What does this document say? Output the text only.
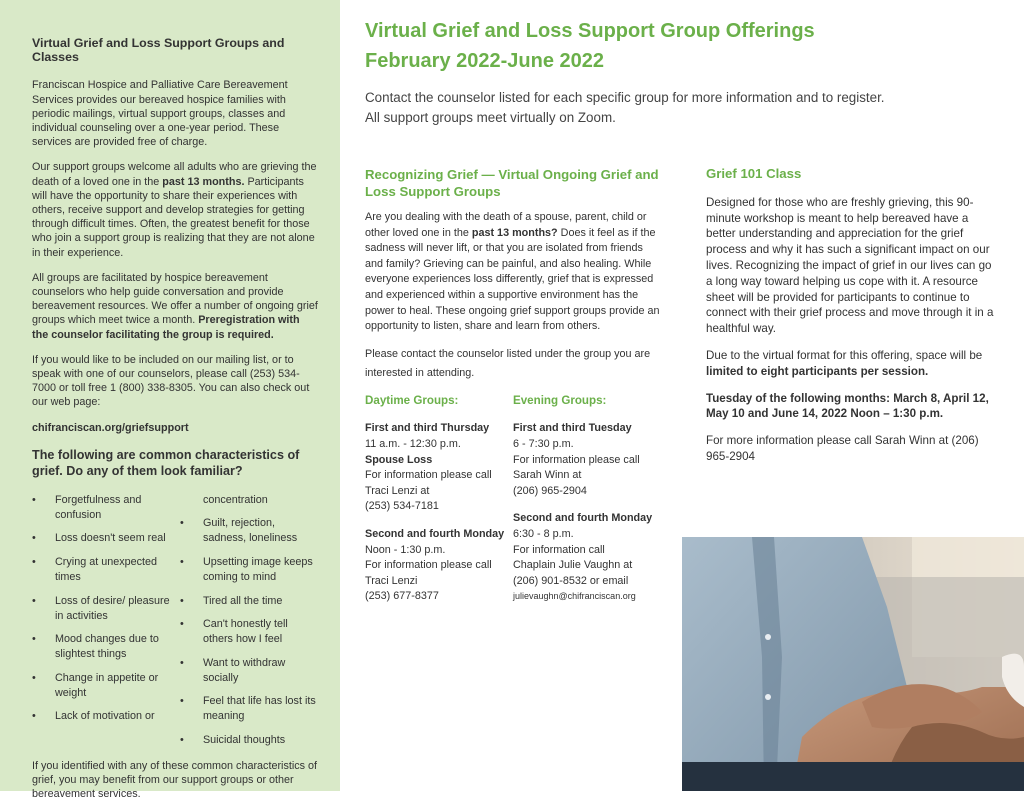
Virtual Grief and Loss Support Groups and Classes

Franciscan Hospice and Palliative Care Bereavement Services provides our bereaved hospice families with periodic mailings, virtual support groups, classes and individual counseling over a one-year period. These services are provided free of charge.

Our support groups welcome all adults who are grieving the death of a loved one in the past 13 months. Participants will have the opportunity to share their experiences with others, receive support and develop strategies for getting through difficult times. Often, the greatest benefit for those who join a support group is realizing that they are not alone in their experience.

All groups are facilitated by hospice bereavement counselors who help guide conversation and provide bereavement resources. We offer a number of ongoing grief groups which meet twice a month. Preregistration with the counselor facilitating the group is required.

If you would like to be included on our mailing list, or to speak with one of our counselors, please call (253) 534-7000 or toll free 1 (800) 338-8305. You can also check out our web page:

chifranciscan.org/griefsupport
The following are common characteristics of grief. Do any of them look familiar?
• Forgetfulness and confusion
• Loss doesn't seem real
• Crying at unexpected times
• Loss of desire/ pleasure in activities
• Mood changes due to slightest things
• Change in appetite or weight
• Lack of motivation or
concentration
• Guilt, rejection, sadness, loneliness
• Upsetting image keeps coming to mind
• Tired all the time
• Can't honestly tell others how I feel
• Want to withdraw socially
• Feel that life has lost its meaning
• Suicidal thoughts

If you identified with any of these common characteristics of grief, you may benefit from our support groups or other bereavement services.

Virtual Grief and Loss Support Group Offerings
February 2022-June 2022

Contact the counselor listed for each specific group for more information and to register.
All support groups meet virtually on Zoom.

Recognizing Grief — Virtual Ongoing Grief and Loss Support Groups

Are you dealing with the death of a spouse, parent, child or other loved one in the past 13 months? Does it feel as if the sadness will never lift, or that you are isolated from friends and family? Grieving can be painful, and also healing. While everyone experiences loss differently, grief that is expressed and experienced within a supportive environment has the power to heal. These ongoing grief support groups provide an opportunity to listen, share and learn from others.

Please contact the counselor listed under the group you are interested in attending.

Daytime Groups:
First and third Thursday
11 a.m. - 12:30 p.m.
Spouse Loss
For information please call
Traci Lenzi at
(253) 534-7181
Second and fourth Monday
Noon - 1:30 p.m.
For information please call
Traci Lenzi
(253) 677-8377
Evening Groups:
First and third Tuesday
6 - 7:30 p.m.
For information please call
Sarah Winn at
(206) 965-2904
Second and fourth Monday
6:30 - 8 p.m.
For information call
Chaplain Julie Vaughn at
(206) 901-8532 or email
julievaughn@chifranciscan.org
Grief 101 Class

Designed for those who are freshly grieving, this 90-minute workshop is meant to help bereaved have a better understanding and appreciation for the grief process and why it has such a significant impact on our lives. Recognizing the impact of grief in our lives can go a long way toward helping us cope with it. A resource sheet will be provided for participants to continue to connect with their grief process and move through it in a healthful way.

Due to the virtual format for this offering, space will be limited to eight participants per session.

Tuesday of the following months: March 8, April 12, May 10 and June 14, 2022 Noon – 1:30 p.m.

For more information please call Sarah Winn at (206) 965-2904
